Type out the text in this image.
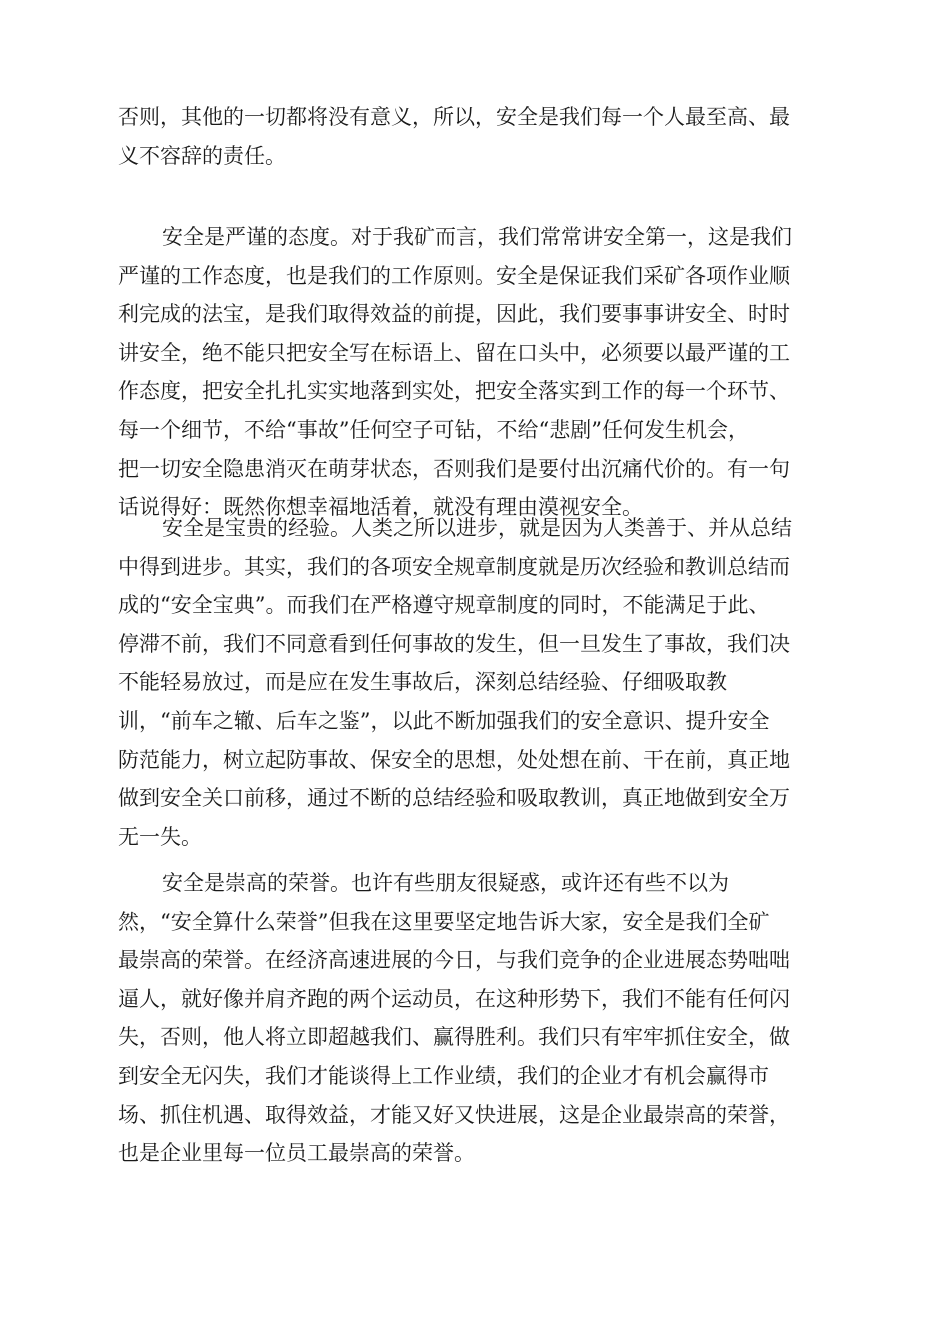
否则，其他的一切都将没有意义，所以，安全是我们每一个人最至高、最
义不容辞的责任。
安全是严谨的态度。对于我矿而言，我们常常讲安全第一，这是我们
严谨的工作态度，也是我们的工作原则。安全是保证我们采矿各项作业顺
利完成的法宝，是我们取得效益的前提，因此，我们要事事讲安全、时时
讲安全，绝不能只把安全写在标语上、留在口头中，必须要以最严谨的工
作态度，把安全扎扎实实地落到实处，把安全落实到工作的每一个环节、
每一个细节，不给“事故”任何空子可钻，不给“悲剧”任何发生机会，
把一切安全隐患消灭在萌芽状态，否则我们是要付出沉痛代价的。有一句
话说得好：既然你想幸福地活着，就没有理由漠视安全。
安全是宝贵的经验。人类之所以进步，就是因为人类善于、并从总结
中得到进步。其实，我们的各项安全规章制度就是历次经验和教训总结而
成的“安全宝典”。而我们在严格遵守规章制度的同时，不能满足于此、
停滞不前，我们不同意看到任何事故的发生，但一旦发生了事故，我们决
不能轻易放过，而是应在发生事故后，深刻总结经验、仔细吸取教
训，“前车之辙、后车之鉴”，以此不断加强我们的安全意识、提升安全
防范能力，树立起防事故、保安全的思想，处处想在前、干在前，真正地
做到安全关口前移，通过不断的总结经验和吸取教训，真正地做到安全万
无一失。
安全是崇高的荣誉。也许有些朋友很疑惑，或许还有些不以为
然，“安全算什么荣誉”但我在这里要坚定地告诉大家，安全是我们全矿
最崇高的荣誉。在经济高速进展的今日，与我们竞争的企业进展态势咄咄
逼人，就好像并肩齐跑的两个运动员，在这种形势下，我们不能有任何闪
失，否则，他人将立即超越我们、赢得胜利。我们只有牢牢抓住安全，做
到安全无闪失，我们才能谈得上工作业绩，我们的企业才有机会赢得市
场、抓住机遇、取得效益，才能又好又快进展，这是企业最崇高的荣誉，
也是企业里每一位员工最崇高的荣誉。
